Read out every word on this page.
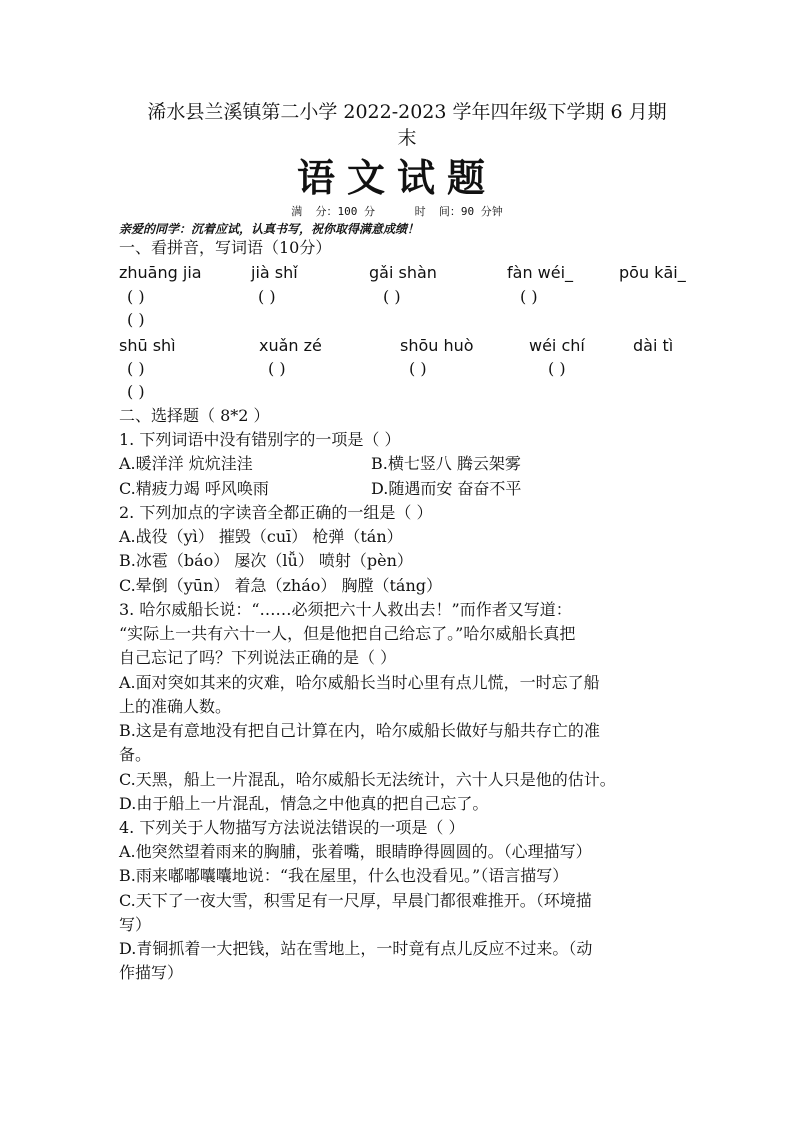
浠水县兰溪镇第二小学 2022-2023 学年四年级下学期 6 月期
末
语文试题
满  分：100 分      时  间：90 分钟
亲爱的同学：沉着应试，认真书写，祝你取得满意成绩！
一、看拼音，写词语（10分）
zhuāng jia	jià shǐ	gǎi shàn	fàn wéi_	pōu kāi_
( )	( )	( )	( )
( )
shū shì	xuǎn zé	shōu huò	wéi chí	dài tì
( )	( )	( )	( )
( )
二、选择题（ 8*2 ）
1. 下列词语中没有错别字的一项是（ ）
A.暖洋洋 炕炕洼洼	B.横七竖八 腾云架雾
C.精疲力竭 呼风唤雨	D.随遇而安 奋奋不平
2. 下列加点的字读音全都正确的一组是（ ）
A.战役（yì） 摧毁（cuī） 枪弹（tán）
B.冰雹（báo） 屡次（lǚ） 喷射（pèn）
C.晕倒（yūn） 着急（zháo） 胸膛（táng）
3. 哈尔威船长说：“……必须把六十人救出去！”而作者又写道：
“实际上一共有六十一人，但是他把自己给忘了。”哈尔威船长真把
自己忘记了吗？下列说法正确的是（ ）
A.面对突如其来的灾难，哈尔威船长当时心里有点儿慌，一时忘了船
上的准确人数。
B.这是有意地没有把自己计算在内，哈尔威船长做好与船共存亡的准
备。
C.天黑，船上一片混乱，哈尔威船长无法统计，六十人只是他的估计。
D.由于船上一片混乱，情急之中他真的把自己忘了。
4. 下列关于人物描写方法说法错误的一项是（ ）
A.他突然望着雨来的胸脯，张着嘴，眼睛睁得圆圆的。（心理描写）
B.雨来嘟嘟囔囔地说：“我在屋里，什么也没看见。”（语言描写）
C.天下了一夜大雪，积雪足有一尺厚，早晨门都很难推开。（环境描
写）
D.青铜抓着一大把钱，站在雪地上，一时竟有点儿反应不过来。（动
作描写）
